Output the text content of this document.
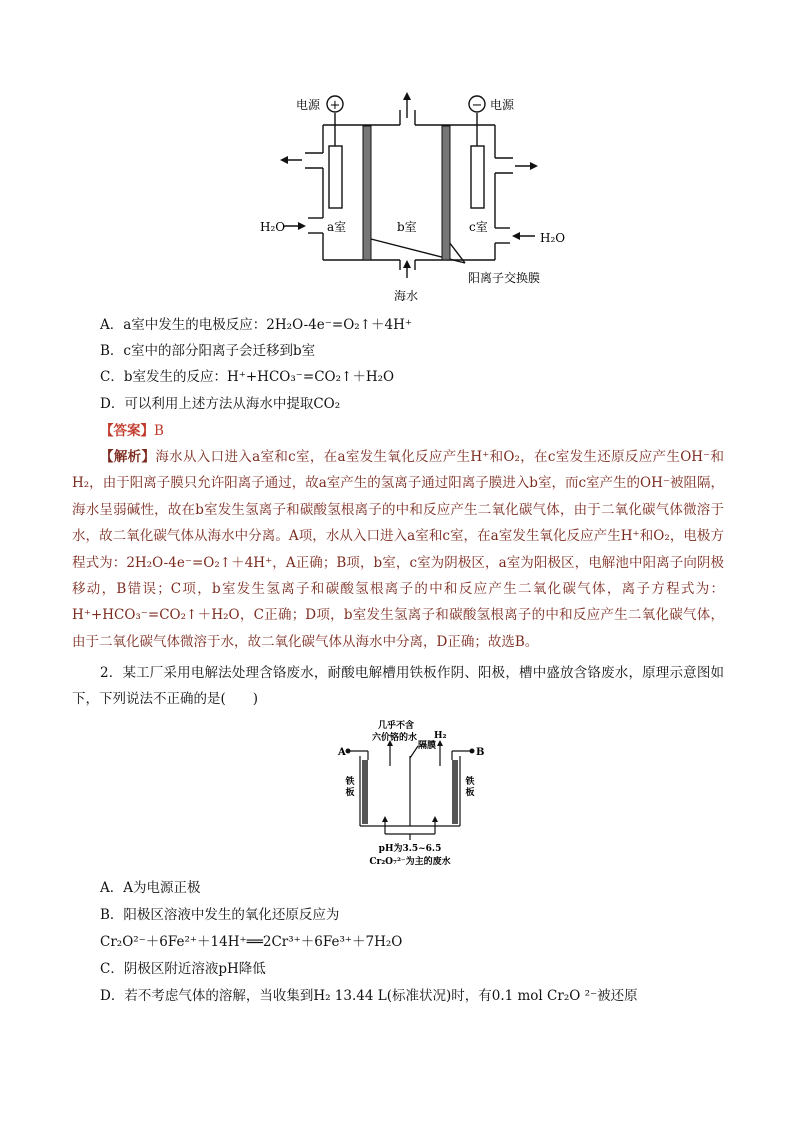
+	−
电源	电源
H₂O
H₂O
a室	b室	c室
阳离子交换膜
海水
A．a室中发生的电极反应：2H₂O-4e⁻=O₂↑＋4H⁺
B．c室中的部分阳离子会迁移到b室
C．b室发生的反应：H⁺+HCO₃⁻=CO₂↑＋H₂O
D．可以利用上述方法从海水中提取CO₂
【答案】B
【解析】海水从入口进入a室和c室，在a室发生氧化反应产生H⁺和O₂，在c室发生还原反应产生OH⁻和H₂，由于阳离子膜只允许阳离子通过，故a室产生的氢离子通过阳离子膜进入b室，而c室产生的OH⁻被阻隔，海水呈弱碱性，故在b室发生氢离子和碳酸氢根离子的中和反应产生二氧化碳气体，由于二氧化碳气体微溶于水，故二氧化碳气体从海水中分离。A项，水从入口进入a室和c室，在a室发生氧化反应产生H⁺和O₂，电极方程式为：2H₂O-4e⁻=O₂↑＋4H⁺，A正确；B项，b室，c室为阴极区，a室为阳极区，电解池中阳离子向阴极移动，B错误；C项，b室发生氢离子和碳酸氢根离子的中和反应产生二氧化碳气体，离子方程式为：H⁺+HCO₃⁻=CO₂↑＋H₂O，C正确；D项，b室发生氢离子和碳酸氢根离子的中和反应产生二氧化碳气体，由于二氧化碳气体微溶于水，故二氧化碳气体从海水中分离，D正确；故选B。
2．某工厂采用电解法处理含铬废水，耐酸电解槽用铁板作阴、阳极，槽中盛放含铬废水，原理示意图如下，下列说法不正确的是(　　)
几乎不含
六价铬的水
隔膜
H₂
A	B
铁板
铁板
pH为3.5~6.5
Cr₂O₇²⁻为主的废水
A．A为电源正极
B．阳极区溶液中发生的氧化还原反应为
Cr₂O²⁻＋6Fe²⁺＋14H⁺══2Cr³⁺＋6Fe³⁺＋7H₂O
C．阴极区附近溶液pH降低
D．若不考虑气体的溶解，当收集到H₂ 13.44 L(标准状况)时，有0.1 mol Cr₂O ²⁻被还原
